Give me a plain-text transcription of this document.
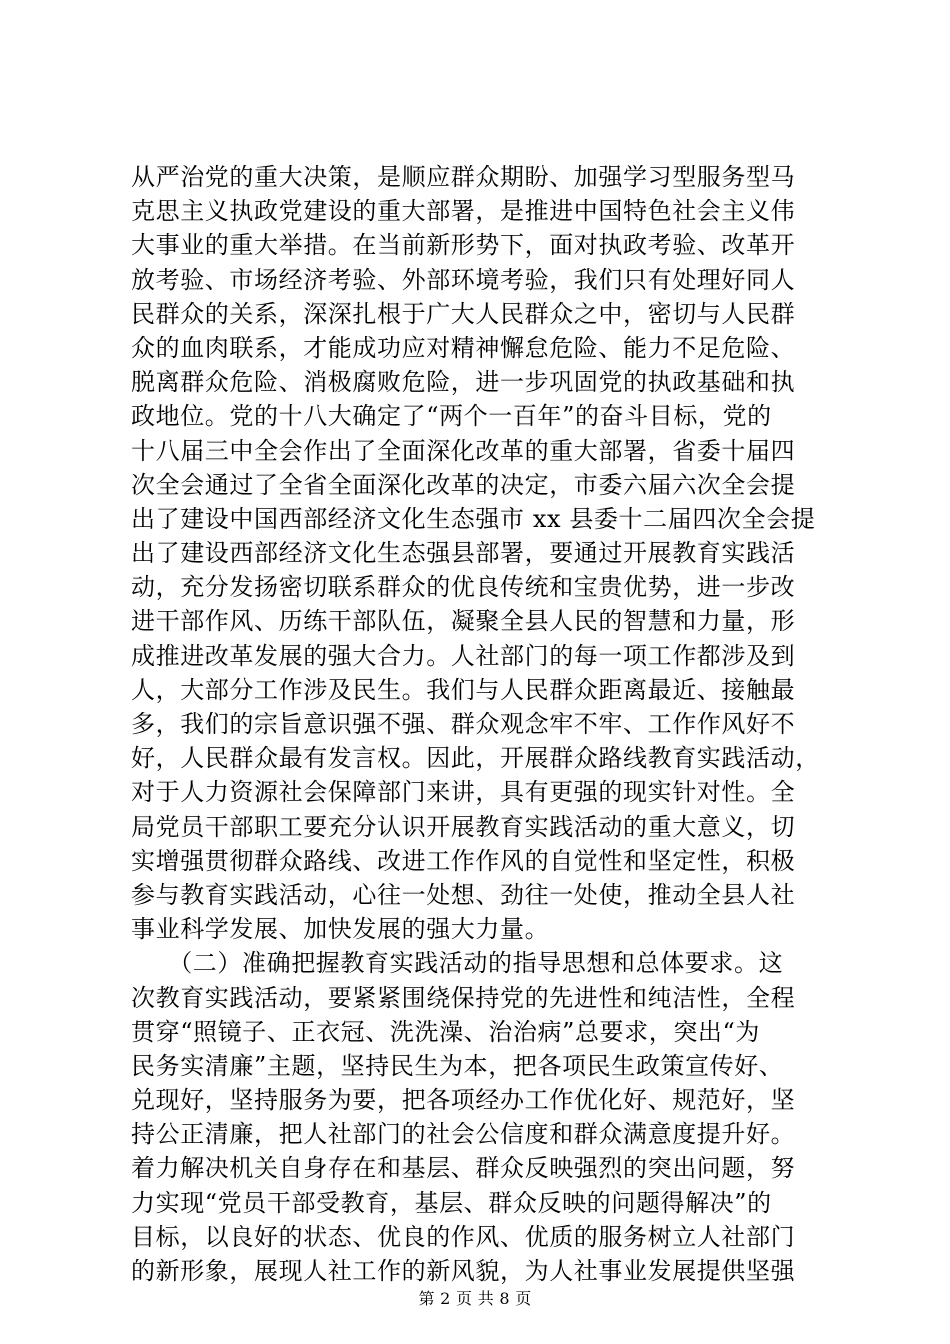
从严治党的重大决策，是顺应群众期盼、加强学习型服务型马
克思主义执政党建设的重大部署，是推进中国特色社会主义伟
大事业的重大举措。在当前新形势下，面对执政考验、改革开
放考验、市场经济考验、外部环境考验，我们只有处理好同人
民群众的关系，深深扎根于广大人民群众之中，密切与人民群
众的血肉联系，才能成功应对精神懈怠危险、能力不足危险、
脱离群众危险、消极腐败危险，进一步巩固党的执政基础和执
政地位。党的十八大确定了“两个一百年”的奋斗目标，党的
十八届三中全会作出了全面深化改革的重大部署，省委十届四
次全会通过了全省全面深化改革的决定，市委六届六次全会提
出了建设中国西部经济文化生态强市 xx 县委十二届四次全会提
出了建设西部经济文化生态强县部署，要通过开展教育实践活
动，充分发扬密切联系群众的优良传统和宝贵优势，进一步改
进干部作风、历练干部队伍，凝聚全县人民的智慧和力量，形
成推进改革发展的强大合力。人社部门的每一项工作都涉及到
人，大部分工作涉及民生。我们与人民群众距离最近、接触最
多，我们的宗旨意识强不强、群众观念牢不牢、工作作风好不
好，人民群众最有发言权。因此，开展群众路线教育实践活动，
对于人力资源社会保障部门来讲，具有更强的现实针对性。全
局党员干部职工要充分认识开展教育实践活动的重大意义，切
实增强贯彻群众路线、改进工作作风的自觉性和坚定性，积极
参与教育实践活动，心往一处想、劲往一处使，推动全县人社
事业科学发展、加快发展的强大力量。
　　（二）准确把握教育实践活动的指导思想和总体要求。这
次教育实践活动，要紧紧围绕保持党的先进性和纯洁性，全程
贯穿“照镜子、正衣冠、洗洗澡、治治病”总要求，突出“为
民务实清廉”主题，坚持民生为本，把各项民生政策宣传好、
兑现好，坚持服务为要，把各项经办工作优化好、规范好，坚
持公正清廉，把人社部门的社会公信度和群众满意度提升好。
着力解决机关自身存在和基层、群众反映强烈的突出问题，努
力实现“党员干部受教育，基层、群众反映的问题得解决”的
目标，以良好的状态、优良的作风、优质的服务树立人社部门
的新形象，展现人社工作的新风貌，为人社事业发展提供坚强
第 2 页 共 8 页
